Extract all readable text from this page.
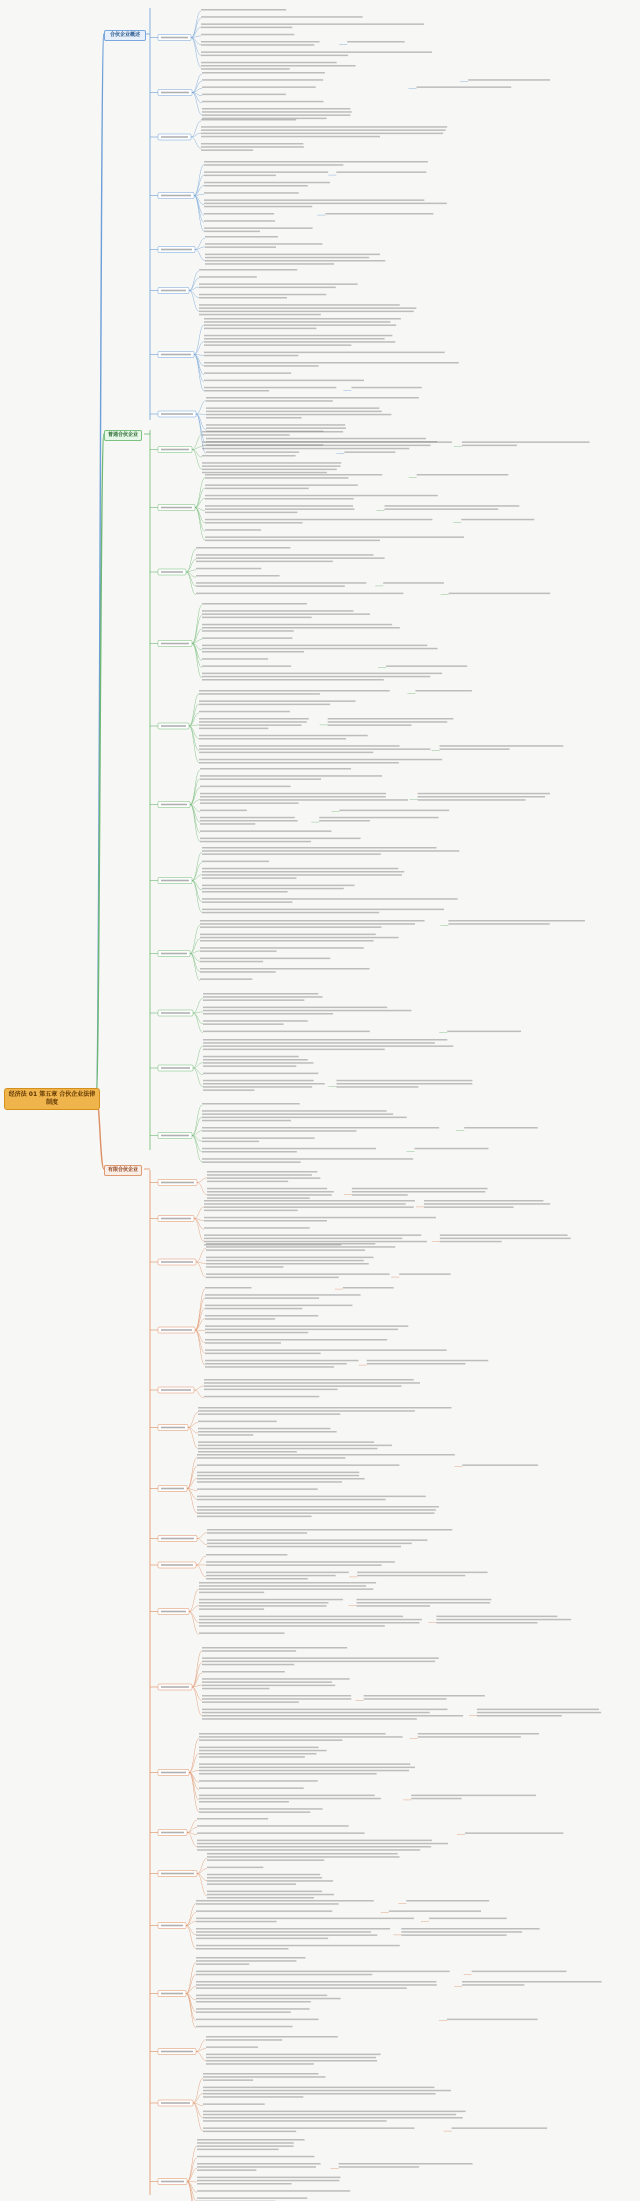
经济法 01 第五章 合伙企业法律制度
合伙企业概述
普通合伙企业
有限合伙企业
